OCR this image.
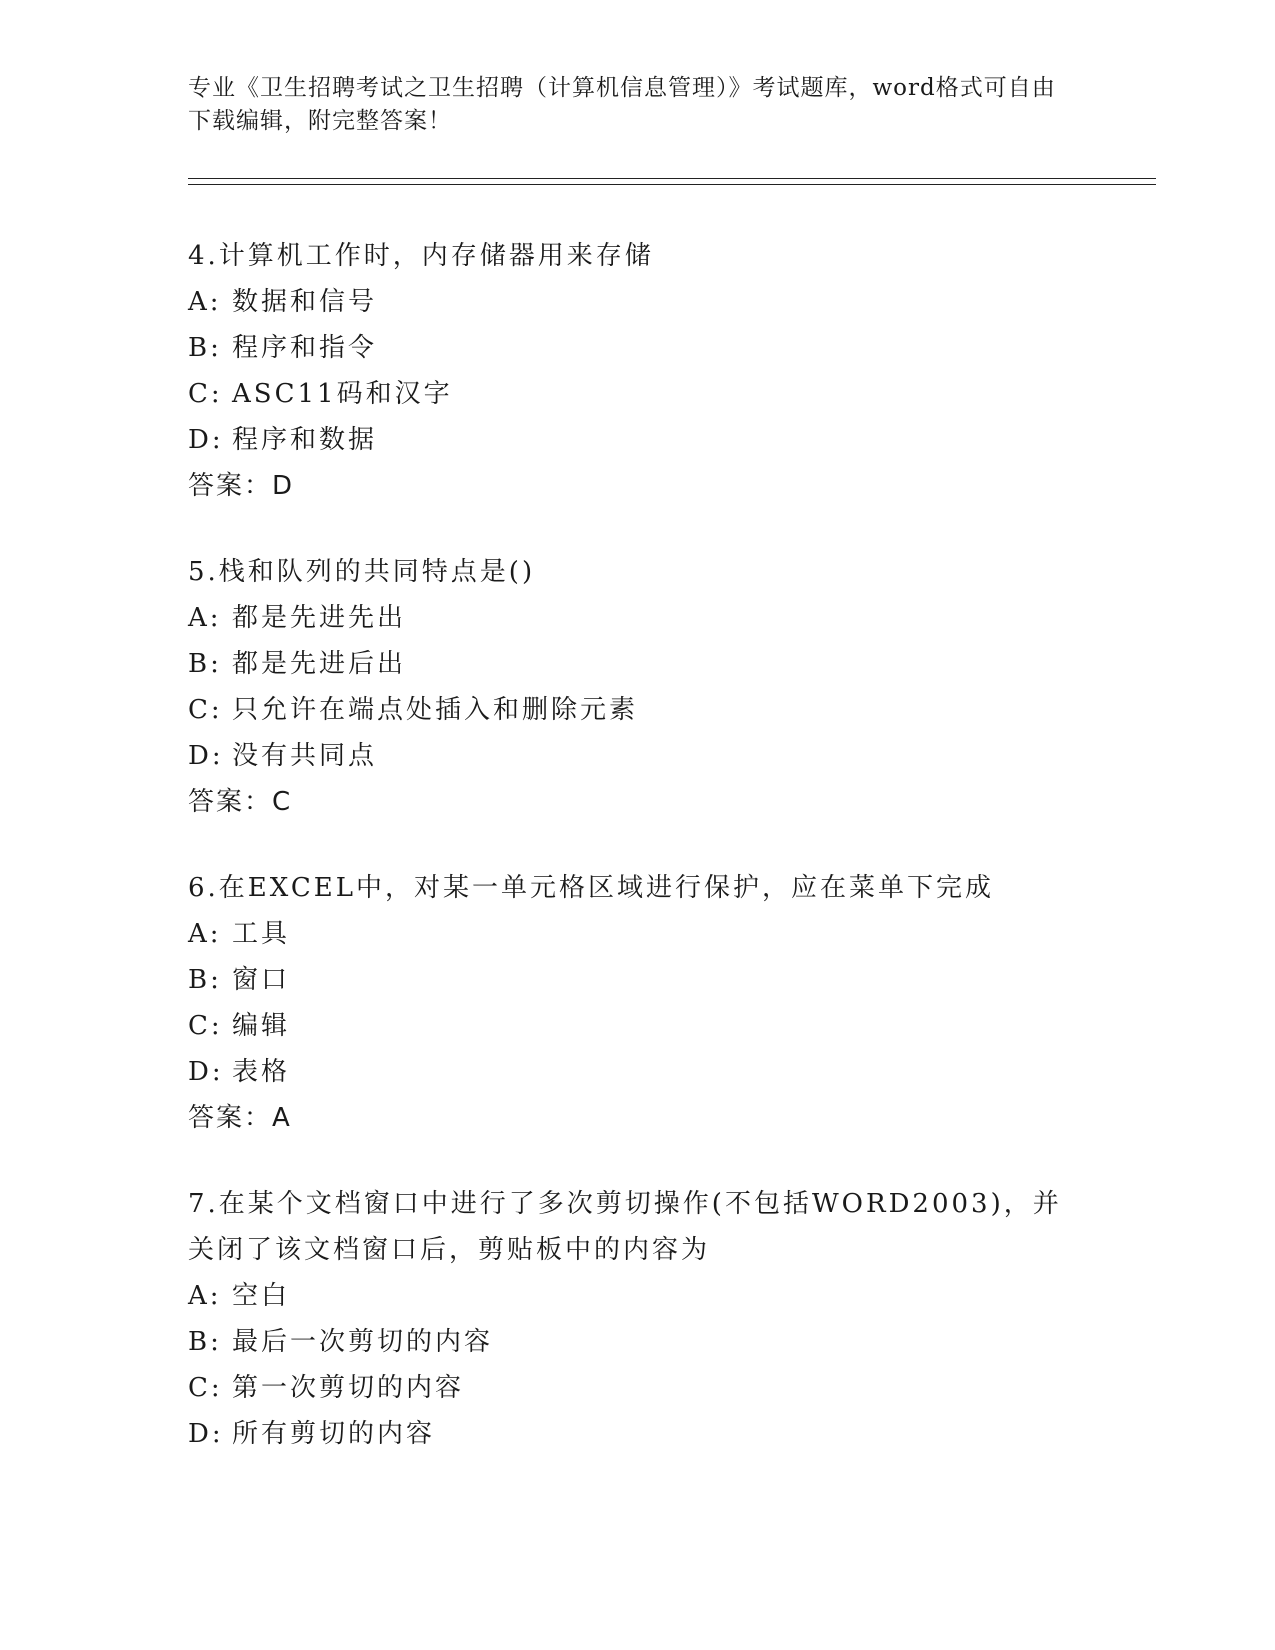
专业《卫生招聘考试之卫生招聘（计算机信息管理）》考试题库，word格式可自由下载编辑，附完整答案！
4.计算机工作时，内存储器用来存储
A: 数据和信号
B: 程序和指令
C: ASC11码和汉字
D: 程序和数据
答案：D
5.栈和队列的共同特点是()
A: 都是先进先出
B: 都是先进后出
C: 只允许在端点处插入和删除元素
D: 没有共同点
答案：C
6.在EXCEL中，对某一单元格区域进行保护，应在菜单下完成
A: 工具
B: 窗口
C: 编辑
D: 表格
答案：A
7.在某个文档窗口中进行了多次剪切操作(不包括WORD2003)，并关闭了该文档窗口后，剪贴板中的内容为
A: 空白
B: 最后一次剪切的内容
C: 第一次剪切的内容
D: 所有剪切的内容
